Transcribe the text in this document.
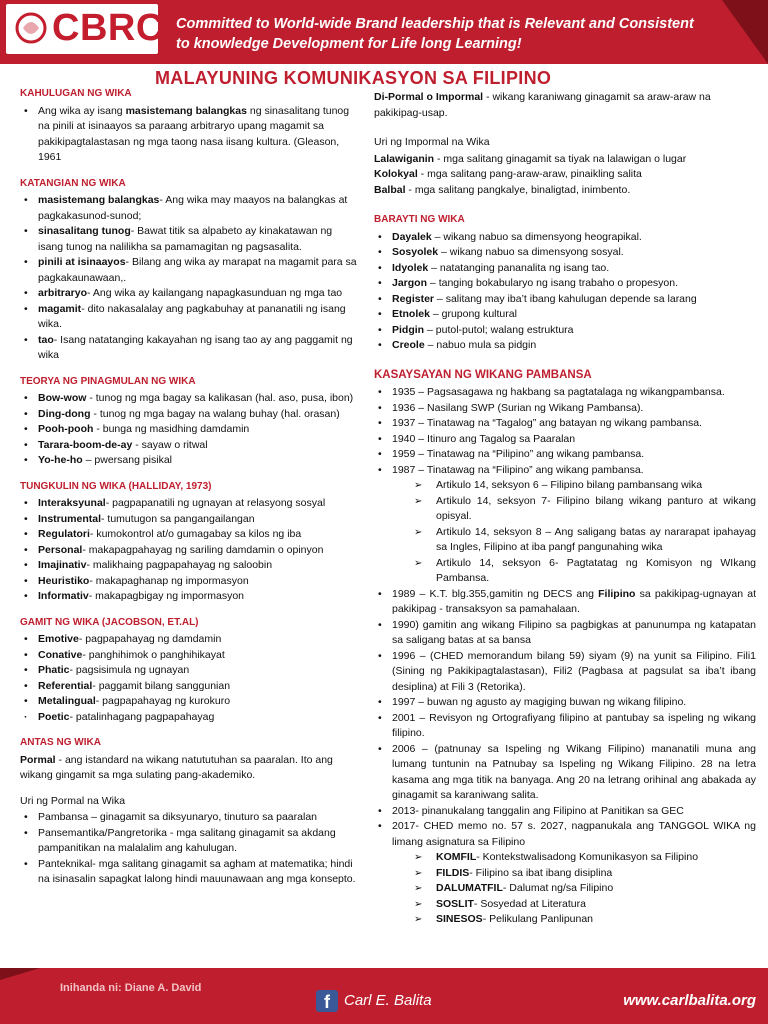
CBRC Committed to World-wide Brand leadership that is Relevant and Consistent
to knowledge Development for Life long Learning!
MALAYUNING KOMUNIKASYON SA FILIPINO
KAHULUGAN NG WIKA
• Ang wika ay isang masistemang balangkas ng sinasalitang tunog na pinili at isinaayos sa paraang arbitraryo upang magamit sa pakikipagtalastasan ng mga taong nasa iisang kultura. (Gleason, 1961
KATANGIAN NG WIKA
• masistemang balangkas- Ang wika may maayos na balangkas at pagkakasunod-sunod;
• sinasalitang tunog- Bawat titik sa alpabeto ay kinakatawan ng isang tunog na nalilikha sa pamamagitan ng pagsasalita.
• pinili at isinaayos- Bilang ang wika ay marapat na magamit para sa pagkakaunawaan,.
• arbitraryo- Ang wika ay kailangang napagkasunduan ng mga tao
• magamit- dito nakasalalay ang pagkabuhay at pananatili ng isang wika.
• tao- Isang natatanging kakayahan ng isang tao ay ang paggamit ng wika
TEORYA NG PINAGMULAN NG WIKA
• Bow-wow - tunog ng mga bagay sa kalikasan (hal. aso, pusa, ibon)
• Ding-dong - tunog ng mga bagay na walang buhay (hal. orasan)
• Pooh-pooh - bunga ng masidhing damdamin
• Tarara-boom-de-ay - sayaw o ritwal
• Yo-he-ho – pwersang pisikal
TUNGKULIN NG WIKA (HALLIDAY, 1973)
• Interaksyunal- pagpapanatili ng ugnayan at relasyong sosyal
• Instrumental- tumutugon sa pangangailangan
• Regulatori- kumokontrol at/o gumagabay sa kilos ng iba
• Personal- makapagpahayag ng sariling damdamin o opinyon
• Imajinativ- malikhaing pagpapahayag ng saloobin
• Heuristiko- makapaghanap ng impormasyon
• Informativ- makapagbigay ng impormasyon
GAMIT NG WIKA (JACOBSON, ET.AL)
• Emotive- pagpapahayag ng damdamin
• Conative- panghihimok o panghihikayat
• Phatic- pagsisimula ng ugnayan
• Referential- paggamit bilang sanggunian
• Metalingual- pagpapahayag ng kurokuro
· Poetic- patalinhagang pagpapahayag
ANTAS NG WIKA

Pormal - ang istandard na wikang natututuhan sa paaralan. Ito ang wikang gingamit sa mga sulating pang-akademiko.

Uri ng Pormal na Wika
• Pambansa – ginagamit sa diksyunaryo, tinuturo sa paaralan
• Pansemantika/Pangretorika - mga salitang ginagamit sa akdang pampanitikan na malalalim ang kahulugan.
• Panteknikal- mga salitang ginagamit sa agham at matematika; hindi na isinasalin sapagkat lalong hindi mauunawaan ang mga konsepto.

Di-Pormal o Impormal - wikang karaniwang ginagamit sa araw-araw na pakikipag-usap.

Uri ng Impormal na Wika
Lalawiganin - mga salitang ginagamit sa tiyak na lalawigan o lugar
Kolokyal - mga salitang pang-araw-araw, pinaikling salita
Balbal - mga salitang pangkalye, binaligtad, inimbento.
BARAYTI NG WIKA
• Dayalek – wikang nabuo sa dimensyong heograpikal.
• Sosyolek – wikang nabuo sa dimensyong sosyal.
• Idyolek – natatanging pananalita ng isang tao.
• Jargon – tanging bokabularyo ng isang trabaho o propesyon.
• Register – salitang may iba’t ibang kahulugan depende sa larang
• Etnolek – grupong kultural
• Pidgin – putol-putol; walang estruktura
• Creole – nabuo mula sa pidgin
KASAYSAYAN NG WIKANG PAMBANSA
• 1935 – Pagsasagawa ng hakbang sa pagtatalaga ng wikangpambansa.
• 1936 – Nasilang SWP (Surian ng Wikang Pambansa).
• 1937 – Tinatawag na “Tagalog” ang batayan ng wikang pambansa.
• 1940 – Itinuro ang Tagalog sa Paaralan
• 1959 – Tinatawag na “Pilipino” ang wikang pambansa.
• 1987 – Tinatawag na “Filipino” ang wikang pambansa.
➢ Artikulo 14, seksyon 6 – Filipino bilang pambansang wika
➢ Artikulo 14, seksyon 7- Filipino bilang wikang panturo at wikang opisyal.
➢ Artikulo 14, seksyon 8 – Ang saligang batas ay nararapat ipahayag sa Ingles, Filipino at iba pangf pangunahing wika
➢ Artikulo 14, seksyon 6- Pagtatatag ng Komisyon ng WIkang Pambansa.
• 1989 – K.T. blg.355,gamitin ng DECS ang Filipino sa pakikipag-ugnayan at pakikipag - transaksyon sa pamahalaan.
• 1990) gamitin ang wikang Filipino sa pagbigkas at panunumpa ng katapatan sa saligang batas at sa bansa
• 1996 – (CHED memorandum bilang 59) siyam (9) na yunit sa Filipino. Fili1 (Sining ng Pakikipagtalastasan), Fili2 (Pagbasa at pagsulat sa iba’t ibang desiplina) at Fili 3 (Retorika).
• 1997 – buwan ng agusto ay magiging buwan ng wikang filipino.
• 2001 – Revisyon ng Ortografiyang filipino at pantubay sa ispeling ng wikang filipino.
• 2006 – (patnunay sa Ispeling ng Wikang Filipino) mananatili muna ang lumang tuntunin na Patnubay sa Ispeling ng Wikang Filipino. 28 na letra kasama ang mga titik na banyaga. Ang 20 na letrang orihinal ang abakada ay ginagamit sa karaniwang salita.
• 2013- pinanukalang tanggalin ang Filipino at Panitikan sa GEC
• 2017- CHED memo no. 57 s. 2027, nagpanukala ang TANGGOL WIKA ng limang asignatura sa Filipino
➢ KOMFIL- Kontekstwalisadong Komunikasyon sa Filipino
➢ FILDIS- Filipino sa ibat ibang disiplina
➢ DALUMATFIL- Dalumat ng/sa Filipino
➢ SOSLIT- Sosyedad at Literatura
➢ SINESOS- Pelikulang Panlipunan
Inihanda ni: Diane A. David
f Carl E. Balita	www.carlbalita.org
